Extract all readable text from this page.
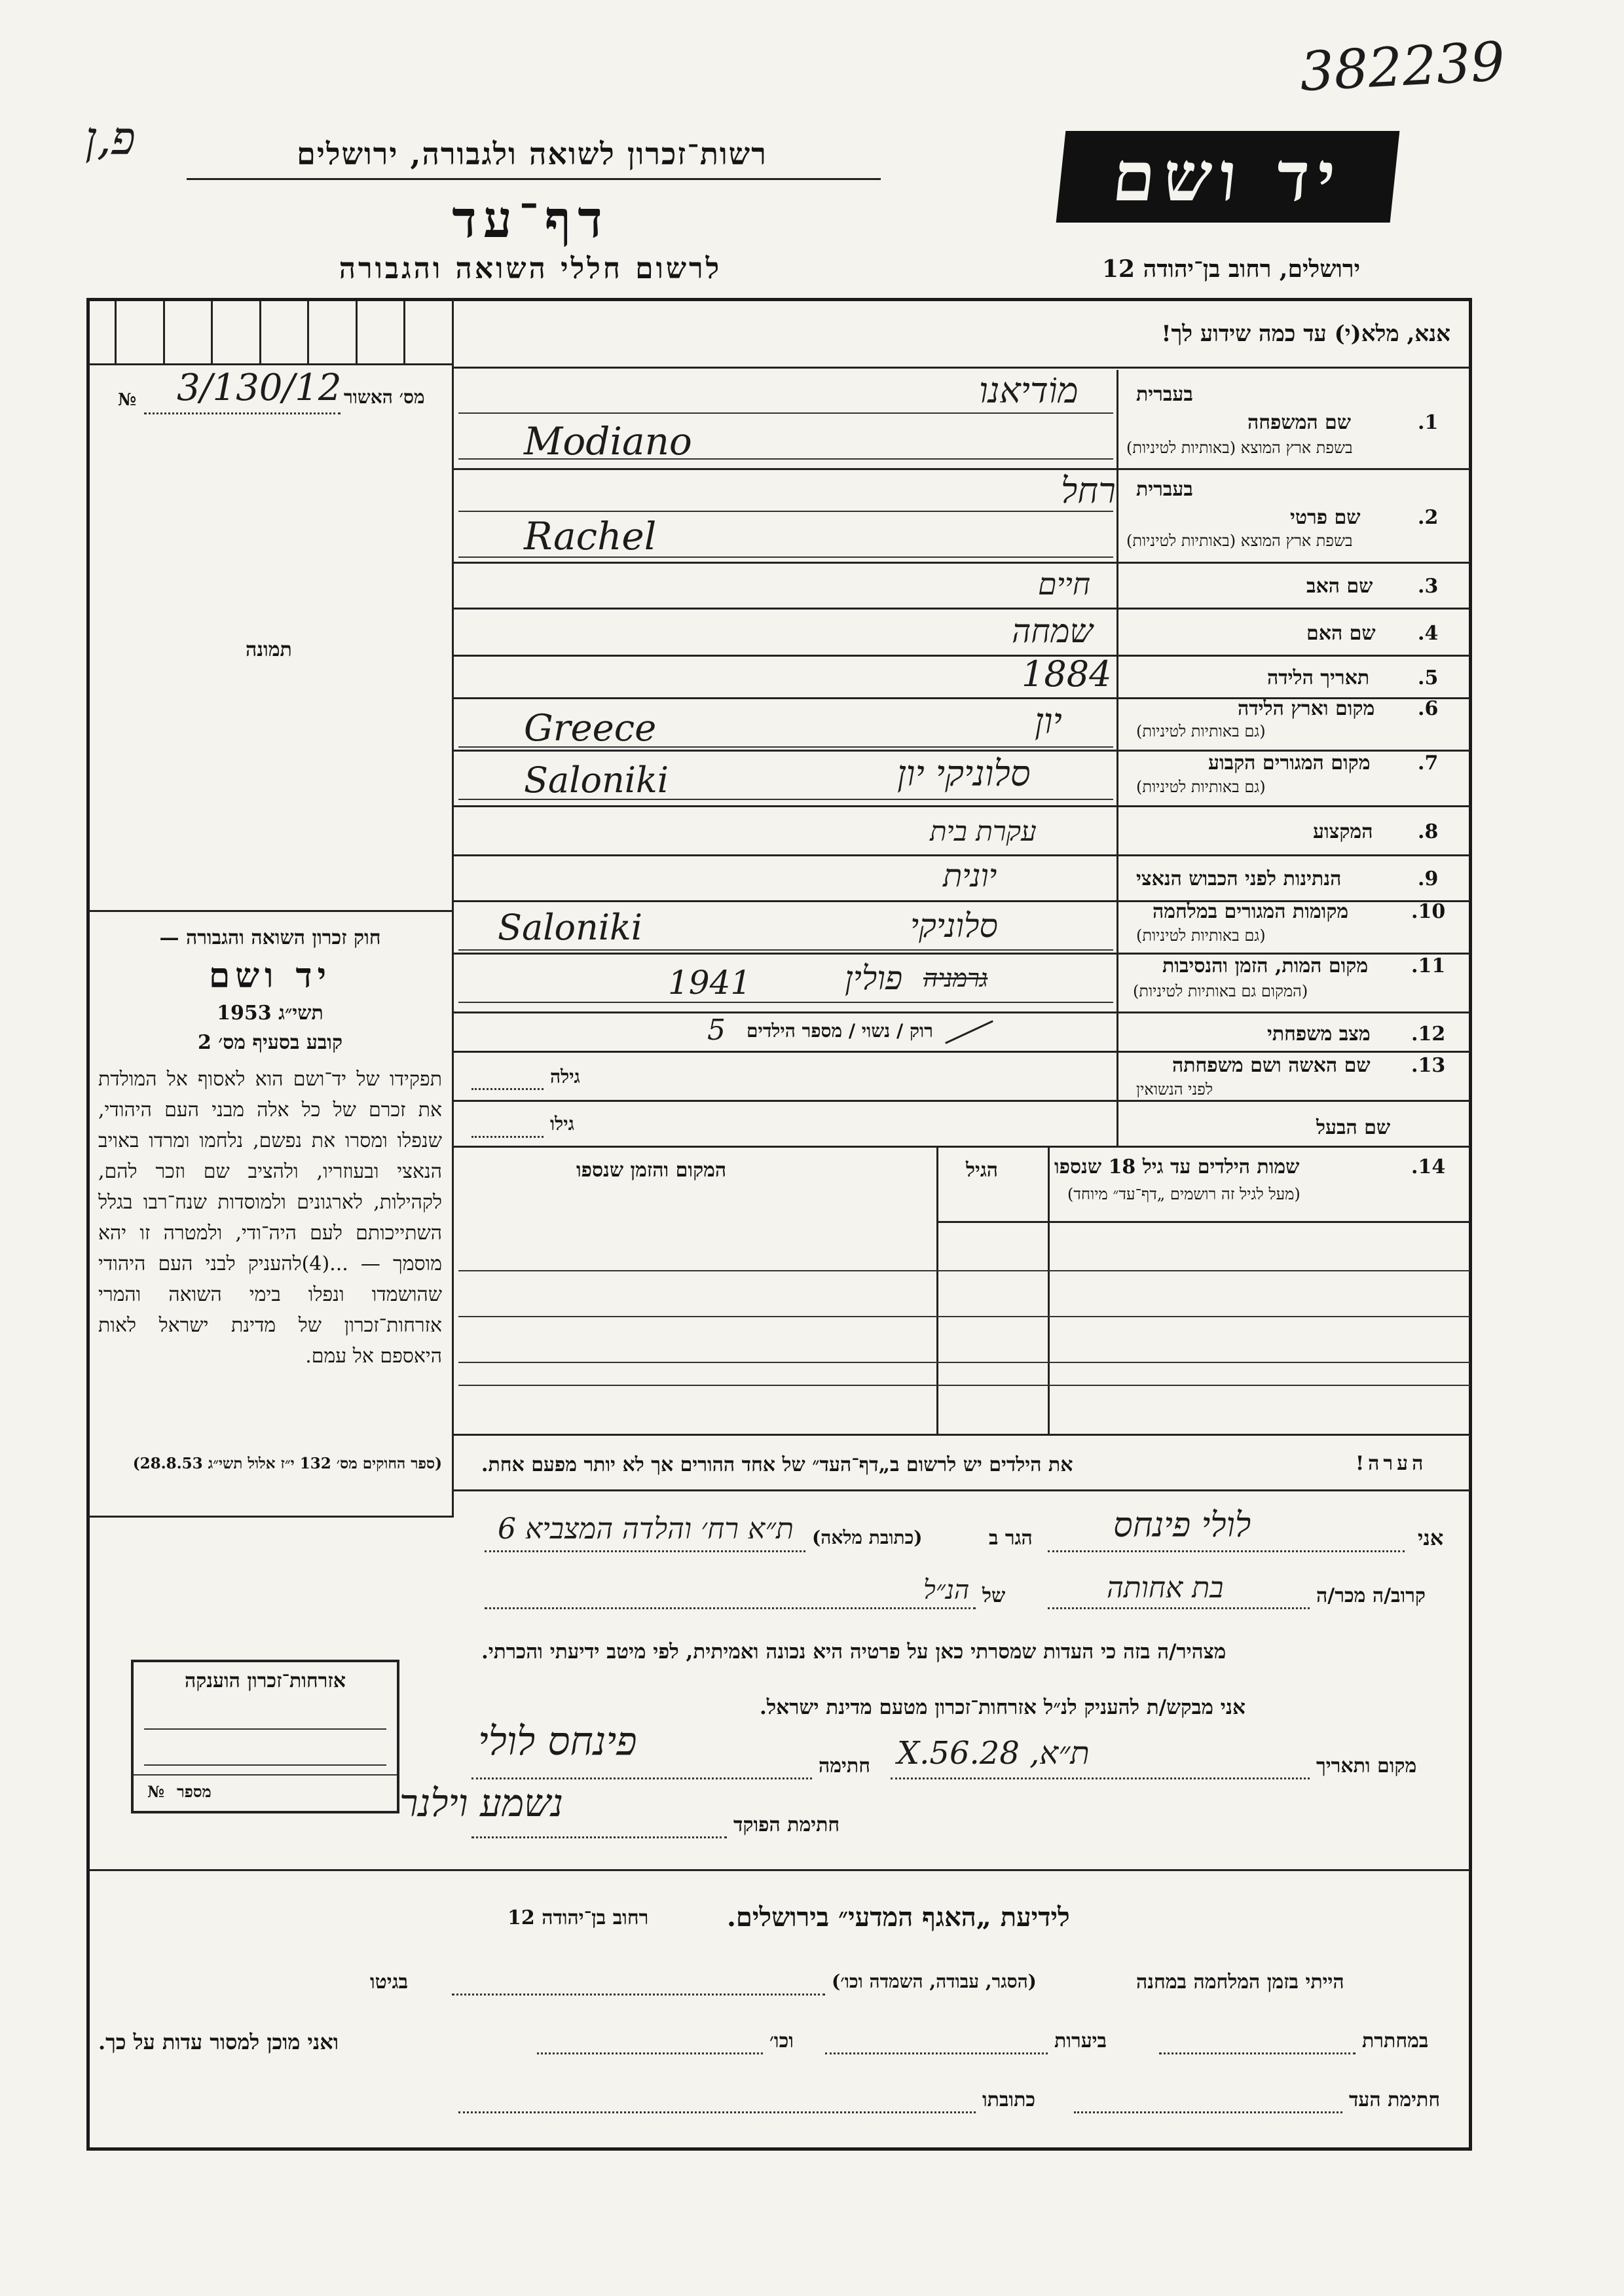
382239
פ,ן	רשות־זכרון לשואה ולגבורה, ירושלים
דף־עד
לרשום חללי השואה והגבורה
יד ושם
ירושלים, רחוב בן־יהודה 12
אנא, מלא(י) עד כמה שידוע לך!
מס׳ האשור
3/130/12
№
תמונה
בעברית
1.
שם המשפחה
בשפת ארץ המוצא (באותיות לטיניות)
מוֹדיאנו
Modiano
בעברית
2.
שם פרטי
בשפת ארץ המוצא (באותיות לטיניות)
רחל
Rachel
3.
שם האב
חיים
4.
שם האם
שמחה
5.
תאריך הלידה
1884
6.
מקום וארץ הלידה
(גם באותיות לטיניות)
יון
Greece
7.
מקום המגורים הקבוע
(גם באותיות לטיניות)
סלוניקי יון
Saloniki
8.
המקצוע
עקרת בית
9.
הנתינות לפני הכבוש הנאצי
יונית
10.
מקומות המגורים במלחמה
(גם באותיות לטיניות)
סלוניקי
Saloniki
11.
מקום המות, הזמן והנסיבות
(המקום גם באותיות לטיניות)
פולין גרמניה
1941
12.
מצב משפחתי
רוק / נשוי / מספר הילדים
5
13.
שם האשה ושם משפחתה
לפני הנשואין
גילה
שם הבעל
גילו
14.
שמות הילדים עד גיל 18 שנספו
(מעל לגיל זה רושמים „דף־עד״ מיוחד)
הגיל
המקום והזמן שנספו
חוק זכרון השואה והגבורה —
יד ושם
תשי״ג 1953
קובע בסעיף מס׳ 2
תפקידו של יד־ושם הוא לאסוף אל המולדת את זכרם של כל אלה מבני העם היהודי, שנפלו ומסרו את נפשם, נלחמו ומרדו באויב הנאצי ובעוזריו, ולהציב שם וזכר להם, לקהילות, לארגונים ולמוסדות שנח־רבו בגלל השתייכותם לעם היה־ודי, ולמטרה זו יהא מוסמך — ...(4)להעניק לבני העם היהודי שהושמדו ונפלו בימי השואה והמרי אזרחות־זכרון של מדינת ישראל לאות היאספם אל עמם.
(ספר החוקים מס׳ 132 י״ז אלול תשי״ג 28.8.53)	הערה!
את הילדים יש לרשום ב„דף־העד״ של אחד ההורים אך לא יותר מפעם אחת.
אני
לולי פינחס
הגר ב
(כתובת מלאה)
ת״א רח׳ והלדה המצביא 6
קרוב/ה מכר/ה
בת אחותה
של
הנ״ל
מצהיר/ה בזה כי העדות שמסרתי כאן על פרטיה היא נכונה ואמיתית, לפי מיטב ידיעתי והכרתי.
אני מבקש/ת להעניק לנ״ל אזרחות־זכרון מטעם מדינת ישראל.
מקום ותאריך
ת״א, 28.X.56
חתימה
פינחס לולי
חתימת הפוקד
נשמע וילנר
אזרחות־זכרון הוענקה
מספר
№
לידיעת „האגף המדעי״ בירושלים.
רחוב בן־יהודה 12
הייתי בזמן המלחמה במחנה
(הסגר, עבודה, השמדה וכו׳)
בגיטו
במחתרת
ביערות
וכו׳
ואני מוכן למסור עדות על כך.
חתימת העד
כתובתו
